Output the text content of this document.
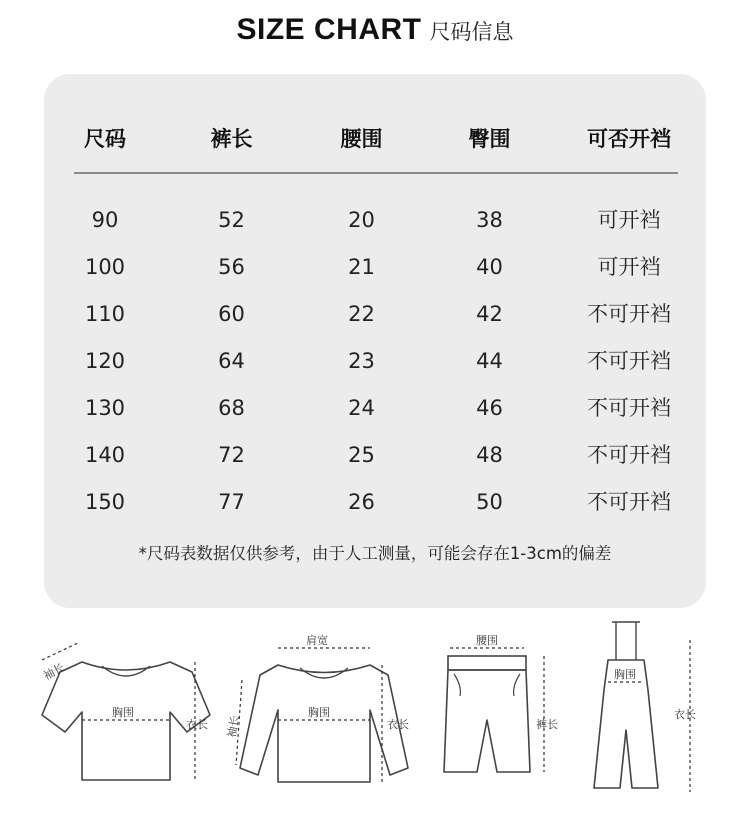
SIZE CHART 尺码信息
尺码	裤长	腰围	臀围	可否开裆
90	52	20	38	可开裆
100	56	21	40	可开裆
110	60	22	42	不可开裆
120	64	23	44	不可开裆
130	68	24	46	不可开裆
140	72	25	48	不可开裆
150	77	26	50	不可开裆
*尺码表数据仅供参考，由于人工测量，可能会存在1-3cm的偏差
袖长
胸围
衣长
肩宽
袖长
胸围
衣长
腰围
裤长
胸围
衣长
